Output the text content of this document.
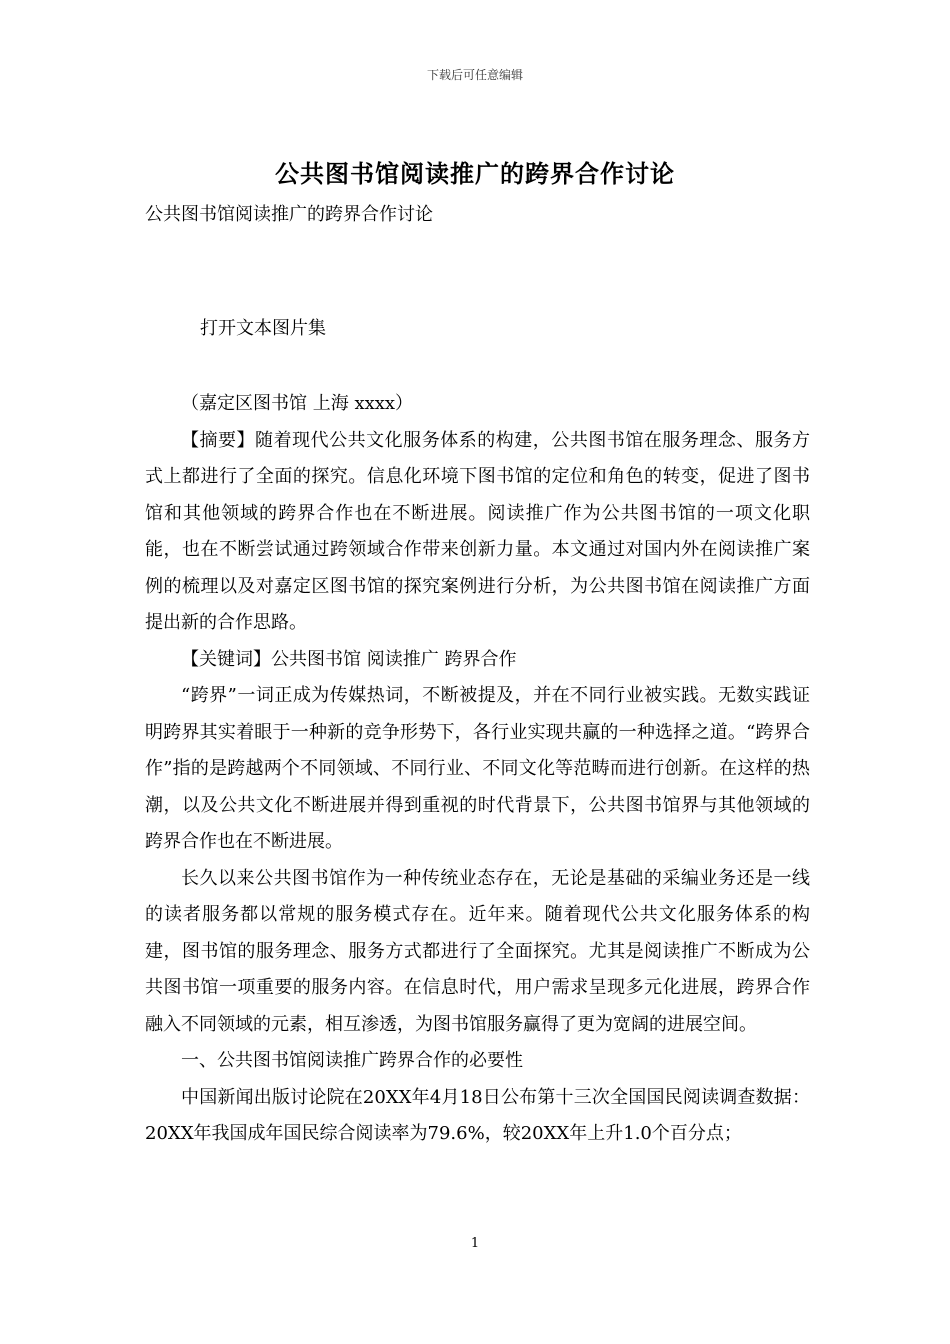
下载后可任意编辑
公共图书馆阅读推广的跨界合作讨论
公共图书馆阅读推广的跨界合作讨论
打开文本图片集

（嘉定区图书馆 上海 xxxx）

【摘要】随着现代公共文化服务体系的构建，公共图书馆在服务理念、服务方式上都进行了全面的探究。信息化环境下图书馆的定位和角色的转变，促进了图书馆和其他领域的跨界合作也在不断进展。阅读推广作为公共图书馆的一项文化职能，也在不断尝试通过跨领域合作带来创新力量。本文通过对国内外在阅读推广案例的梳理以及对嘉定区图书馆的探究案例进行分析，为公共图书馆在阅读推广方面提出新的合作思路。

【关键词】公共图书馆 阅读推广 跨界合作

“跨界”一词正成为传媒热词，不断被提及，并在不同行业被实践。无数实践证明跨界其实着眼于一种新的竞争形势下，各行业实现共赢的一种选择之道。“跨界合作”指的是跨越两个不同领域、不同行业、不同文化等范畴而进行创新。在这样的热潮，以及公共文化不断进展并得到重视的时代背景下，公共图书馆界与其他领域的跨界合作也在不断进展。

长久以来公共图书馆作为一种传统业态存在，无论是基础的采编业务还是一线的读者服务都以常规的服务模式存在。近年来。随着现代公共文化服务体系的构建，图书馆的服务理念、服务方式都进行了全面探究。尤其是阅读推广不断成为公共图书馆一项重要的服务内容。在信息时代，用户需求呈现多元化进展，跨界合作融入不同领域的元素，相互渗透，为图书馆服务赢得了更为宽阔的进展空间。

一、公共图书馆阅读推广跨界合作的必要性

中国新闻出版讨论院在20XX年4月18日公布第十三次全国国民阅读调查数据：20XX年我国成年国民综合阅读率为79.6%，较20XX年上升1.0个百分点；

1
